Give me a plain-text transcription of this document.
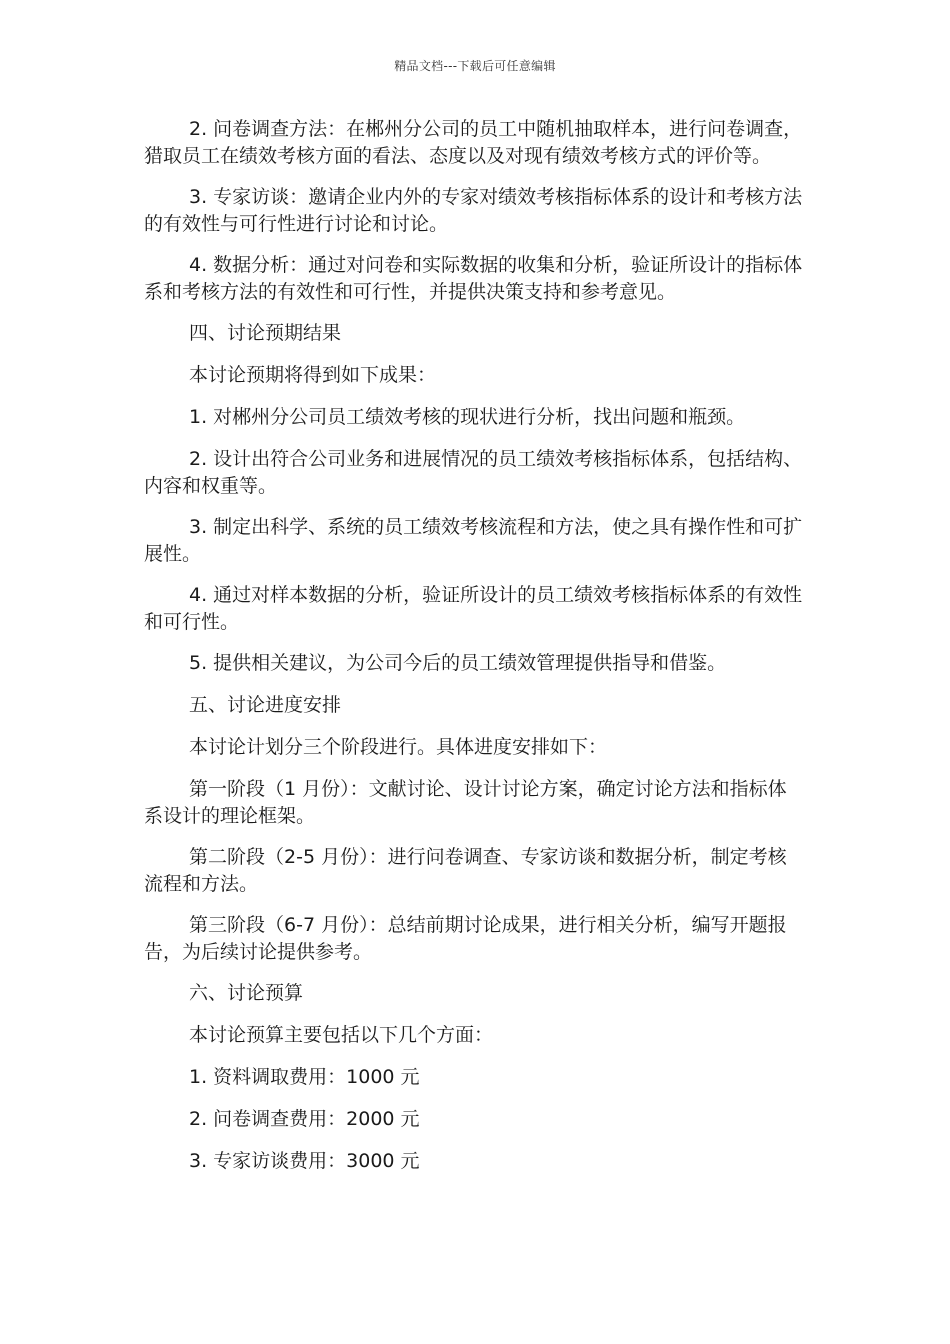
精品文档---下载后可任意编辑

2. 问卷调查方法：在郴州分公司的员工中随机抽取样本，进行问卷调查，猎取员工在绩效考核方面的看法、态度以及对现有绩效考核方式的评价等。

3. 专家访谈：邀请企业内外的专家对绩效考核指标体系的设计和考核方法的有效性与可行性进行讨论和讨论。

4. 数据分析：通过对问卷和实际数据的收集和分析，验证所设计的指标体系和考核方法的有效性和可行性，并提供决策支持和参考意见。

四、讨论预期结果

本讨论预期将得到如下成果：

1. 对郴州分公司员工绩效考核的现状进行分析，找出问题和瓶颈。

2. 设计出符合公司业务和进展情况的员工绩效考核指标体系，包括结构、内容和权重等。

3. 制定出科学、系统的员工绩效考核流程和方法，使之具有操作性和可扩展性。

4. 通过对样本数据的分析，验证所设计的员工绩效考核指标体系的有效性和可行性。

5. 提供相关建议，为公司今后的员工绩效管理提供指导和借鉴。

五、讨论进度安排

本讨论计划分三个阶段进行。具体进度安排如下：

第一阶段（1 月份）：文献讨论、设计讨论方案，确定讨论方法和指标体系设计的理论框架。

第二阶段（2-5 月份）：进行问卷调查、专家访谈和数据分析，制定考核流程和方法。

第三阶段（6-7 月份）：总结前期讨论成果，进行相关分析，编写开题报告，为后续讨论提供参考。

六、讨论预算

本讨论预算主要包括以下几个方面：

1. 资料调取费用：1000 元

2. 问卷调查费用：2000 元

3. 专家访谈费用：3000 元
